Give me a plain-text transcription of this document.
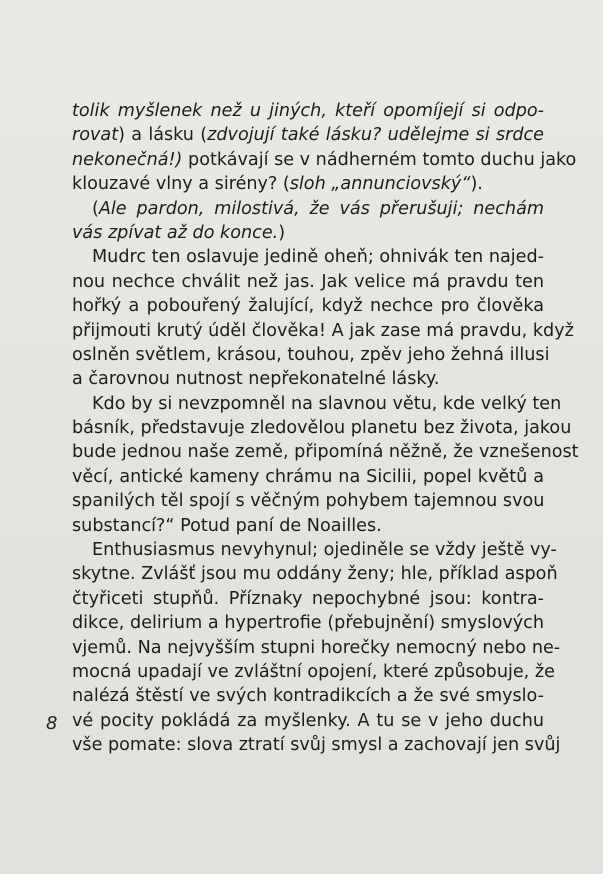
tolik myšlenek než u jiných, kteří opomíjejí si odpo-
rovat) a lásku (zdvojují také lásku? udělejme si srdce
nekonečná!) potkávají se v nádherném tomto duchu jako
klouzavé vlny a sirény? (sloh „annunciovský“).
(Ale pardon, milostivá, že vás přerušuji; nechám
vás zpívat až do konce.)
Mudrc ten oslavuje jedině oheň; ohnivák ten najed-
nou nechce chválit než jas. Jak velice má pravdu ten
hořký a pobouřený žalující, když nechce pro člověka
přijmouti krutý úděl člověka! A jak zase má pravdu, když
oslněn světlem, krásou, touhou, zpěv jeho žehná illusi
a čarovnou nutnost nepřekonatelné lásky.
Kdo by si nevzpomněl na slavnou větu, kde velký ten
básník, představuje zledovělou planetu bez života, jakou
bude jednou naše země, připomíná něžně, že vznešenost
věcí, antické kameny chrámu na Sicilii, popel květů a
spanilých těl spojí s věčným pohybem tajemnou svou
substancí?“ Potud paní de Noailles.
Enthusiasmus nevyhynul; ojediněle se vždy ještě vy-
skytne. Zvlášť jsou mu oddány ženy; hle, příklad aspoň
čtyřiceti stupňů. Příznaky nepochybné jsou: kontra-
dikce, delirium a hypertrofie (přebujnění) smyslových
vjemů. Na nejvyšším stupni horečky nemocný nebo ne-
mocná upadají ve zvláštní opojení, které způsobuje, že
nalézá štěstí ve svých kontradikcích a že své smyslo-
vé pocity pokládá za myšlenky. A tu se v jeho duchu
vše pomate: slova ztratí svůj smysl a zachovají jen svůj
8
